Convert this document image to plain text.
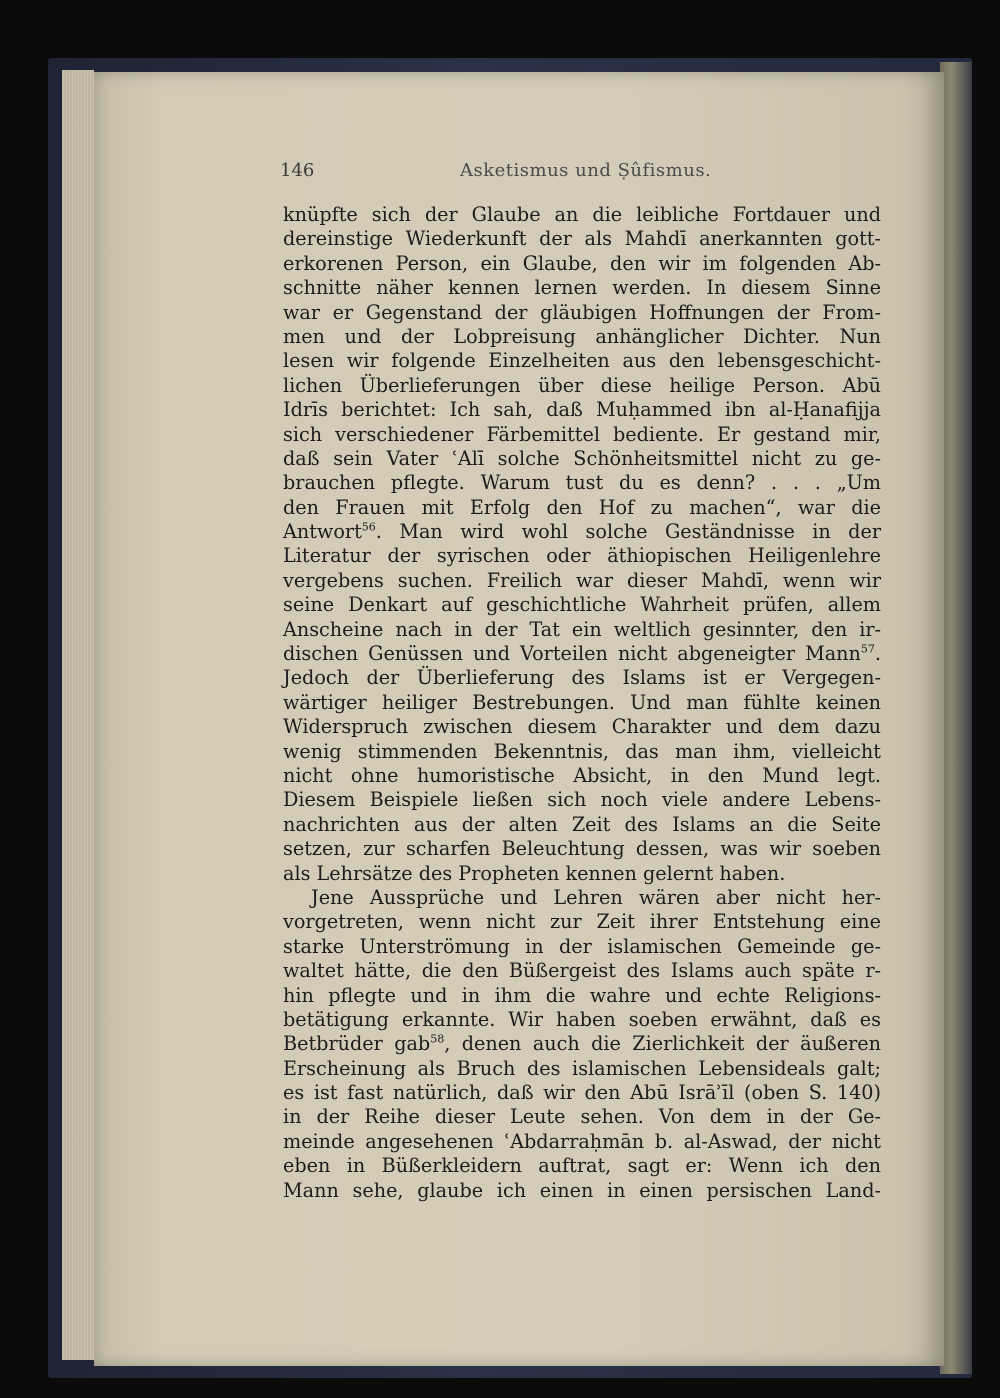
146	Asketismus und Ṣûfismus.
knüpfte sich der Glaube an die leibliche Fortdauer und
dereinstige Wiederkunft der als Mahdī anerkannten gott-
erkorenen Person, ein Glaube, den wir im folgenden Ab-
schnitte näher kennen lernen werden. In diesem Sinne
war er Gegenstand der gläubigen Hoffnungen der From-
men und der Lobpreisung anhänglicher Dichter. Nun
lesen wir folgende Einzelheiten aus den lebensgeschicht-
lichen Überlieferungen über diese heilige Person. Abū
Idrīs berichtet: Ich sah, daß Muḥammed ibn al-Ḥanafijja
sich verschiedener Färbemittel bediente. Er gestand mir,
daß sein Vater ʿAlī solche Schönheitsmittel nicht zu ge-
brauchen pflegte. Warum tust du es denn? . . . „Um
den Frauen mit Erfolg den Hof zu machen“, war die
Antwort$^{56}$. Man wird wohl solche Geständnisse in der
Literatur der syrischen oder äthiopischen Heiligenlehre
vergebens suchen. Freilich war dieser Mahdī, wenn wir
seine Denkart auf geschichtliche Wahrheit prüfen, allem
Anscheine nach in der Tat ein weltlich gesinnter, den ir-
dischen Genüssen und Vorteilen nicht abgeneigter Mann$^{57}$.
Jedoch der Überlieferung des Islams ist er Vergegen-
wärtiger heiliger Bestrebungen. Und man fühlte keinen
Widerspruch zwischen diesem Charakter und dem dazu
wenig stimmenden Bekenntnis, das man ihm, vielleicht
nicht ohne humoristische Absicht, in den Mund legt.
Diesem Beispiele ließen sich noch viele andere Lebens-
nachrichten aus der alten Zeit des Islams an die Seite
setzen, zur scharfen Beleuchtung dessen, was wir soeben
als Lehrsätze des Propheten kennen gelernt haben.
Jene Aussprüche und Lehren wären aber nicht her-
vorgetreten, wenn nicht zur Zeit ihrer Entstehung eine
starke Unterströmung in der islamischen Gemeinde ge-
waltet hätte, die den Büßergeist des Islams auch späte r-
hin pflegte und in ihm die wahre und echte Religions-
betätigung erkannte. Wir haben soeben erwähnt, daß es
Betbrüder gab$^{58}$, denen auch die Zierlichkeit der äußeren
Erscheinung als Bruch des islamischen Lebensideals galt;
es ist fast natürlich, daß wir den Abū Isrāʾīl (oben S. 140)
in der Reihe dieser Leute sehen. Von dem in der Ge-
meinde angesehenen ʿAbdarraḥmān b. al-Aswad, der nicht
eben in Büßerkleidern auftrat, sagt er: Wenn ich den
Mann sehe, glaube ich einen in einen persischen Land-
